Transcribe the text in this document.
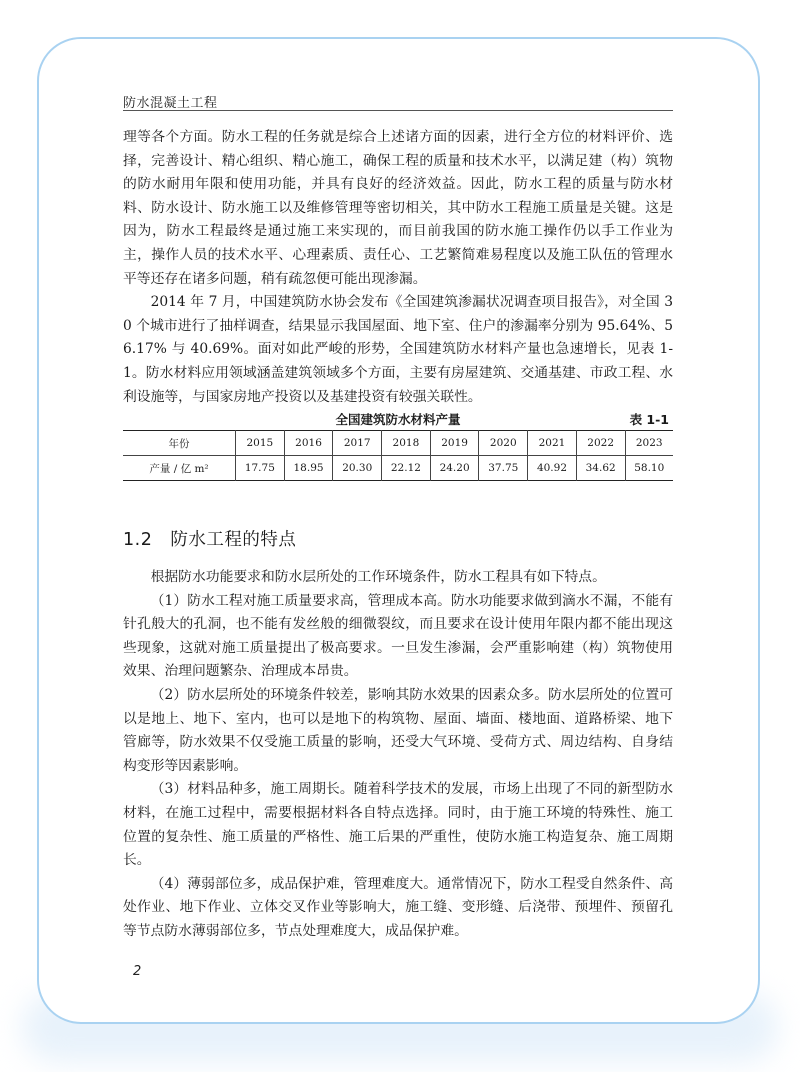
防水混凝土工程

理等各个方面。防水工程的任务就是综合上述诸方面的因素，进行全方位的材料评价、选择，完善设计、精心组织、精心施工，确保工程的质量和技术水平，以满足建（构）筑物的防水耐用年限和使用功能，并具有良好的经济效益。因此，防水工程的质量与防水材料、防水设计、防水施工以及维修管理等密切相关，其中防水工程施工质量是关键。这是因为，防水工程最终是通过施工来实现的，而目前我国的防水施工操作仍以手工作业为主，操作人员的技术水平、心理素质、责任心、工艺繁简难易程度以及施工队伍的管理水平等还存在诸多问题，稍有疏忽便可能出现渗漏。

2014 年 7 月，中国建筑防水协会发布《全国建筑渗漏状况调查项目报告》，对全国 30 个城市进行了抽样调查，结果显示我国屋面、地下室、住户的渗漏率分别为 95.64%、56.17% 与 40.69%。面对如此严峻的形势，全国建筑防水材料产量也急速增长，见表 1-1。防水材料应用领域涵盖建筑领域多个方面，主要有房屋建筑、交通基建、市政工程、水利设施等，与国家房地产投资以及基建投资有较强关联性。

全国建筑防水材料产量	表 1-1
年份	2015	2016	2017	2018	2019	2020	2021	2022	2023
产量 / 亿 m²	17.75	18.95	20.30	22.12	24.20	37.75	40.92	34.62	58.10
1.2 防水工程的特点

根据防水功能要求和防水层所处的工作环境条件，防水工程具有如下特点。

（1）防水工程对施工质量要求高，管理成本高。防水功能要求做到滴水不漏，不能有针孔般大的孔洞，也不能有发丝般的细微裂纹，而且要求在设计使用年限内都不能出现这些现象，这就对施工质量提出了极高要求。一旦发生渗漏，会严重影响建（构）筑物使用效果、治理问题繁杂、治理成本昂贵。

（2）防水层所处的环境条件较差，影响其防水效果的因素众多。防水层所处的位置可以是地上、地下、室内，也可以是地下的构筑物、屋面、墙面、楼地面、道路桥梁、地下管廊等，防水效果不仅受施工质量的影响，还受大气环境、受荷方式、周边结构、自身结构变形等因素影响。

（3）材料品种多，施工周期长。随着科学技术的发展，市场上出现了不同的新型防水材料，在施工过程中，需要根据材料各自特点选择。同时，由于施工环境的特殊性、施工位置的复杂性、施工质量的严格性、施工后果的严重性，使防水施工构造复杂、施工周期长。

（4）薄弱部位多，成品保护难，管理难度大。通常情况下，防水工程受自然条件、高处作业、地下作业、立体交叉作业等影响大，施工缝、变形缝、后浇带、预埋件、预留孔等节点防水薄弱部位多，节点处理难度大，成品保护难。

2
